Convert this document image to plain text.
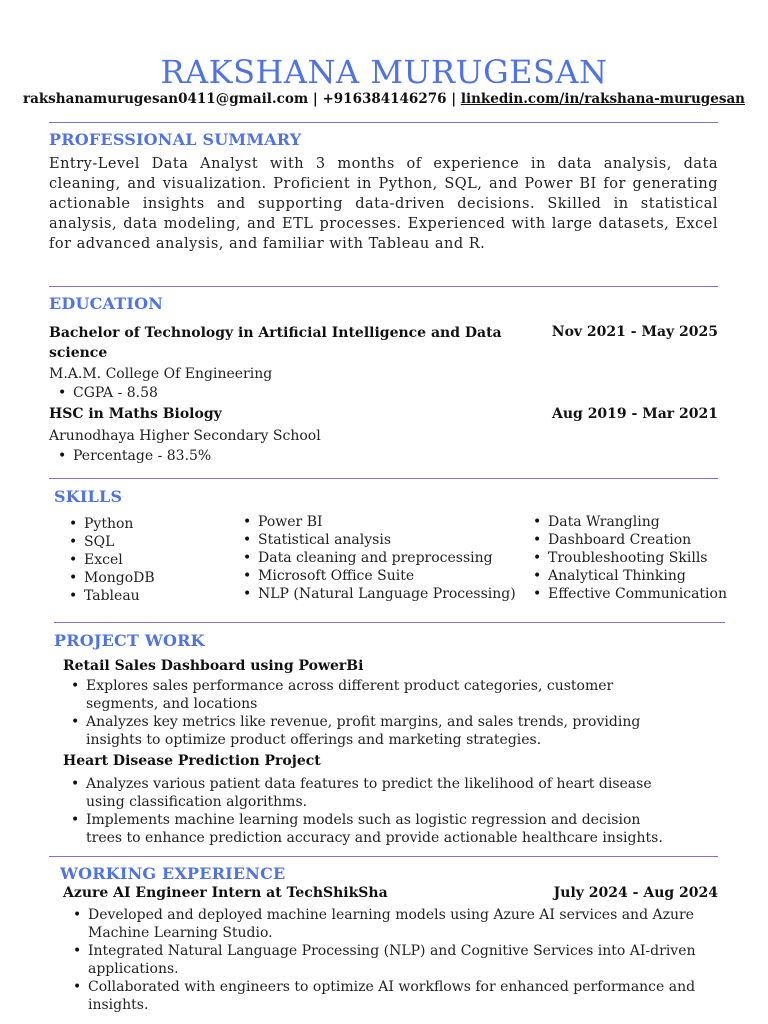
RAKSHANA MURUGESAN
rakshanamurugesan0411@gmail.com | +916384146276 | linkedin.com/in/rakshana-murugesan
PROFESSIONAL SUMMARY
Entry-Level Data Analyst with 3 months of experience in data analysis, data cleaning, and visualization. Proficient in Python, SQL, and Power BI for generating actionable insights and supporting data-driven decisions. Skilled in statistical analysis, data modeling, and ETL processes. Experienced with large datasets, Excel for advanced analysis, and familiar with Tableau and R.
EDUCATION
Bachelor of Technology in Artificial Intelligence and Data
science
Nov 2021 - May 2025
M.A.M. College Of Engineering
• CGPA - 8.58
HSC in Maths Biology	Aug 2019 - Mar 2021
Arunodhaya Higher Secondary School
• Percentage - 83.5%
SKILLS
• Python
• SQL
• Excel
• MongoDB
• Tableau
• Power BI
• Statistical analysis
• Data cleaning and preprocessing
• Microsoft Office Suite
• NLP (Natural Language Processing)
• Data Wrangling
• Dashboard Creation
• Troubleshooting Skills
• Analytical Thinking
• Effective Communication
PROJECT WORK
Retail Sales Dashboard using PowerBi
• Explores sales performance across different product categories, customer segments, and locations
• Analyzes key metrics like revenue, profit margins, and sales trends, providing insights to optimize product offerings and marketing strategies.
Heart Disease Prediction Project
• Analyzes various patient data features to predict the likelihood of heart disease using classification algorithms.
• Implements machine learning models such as logistic regression and decision trees to enhance prediction accuracy and provide actionable healthcare insights.
WORKING EXPERIENCE
Azure AI Engineer Intern at TechShikSha	July 2024 - Aug 2024
• Developed and deployed machine learning models using Azure AI services and Azure Machine Learning Studio.
• Integrated Natural Language Processing (NLP) and Cognitive Services into AI-driven applications.
• Collaborated with engineers to optimize AI workflows for enhanced performance and insights.
